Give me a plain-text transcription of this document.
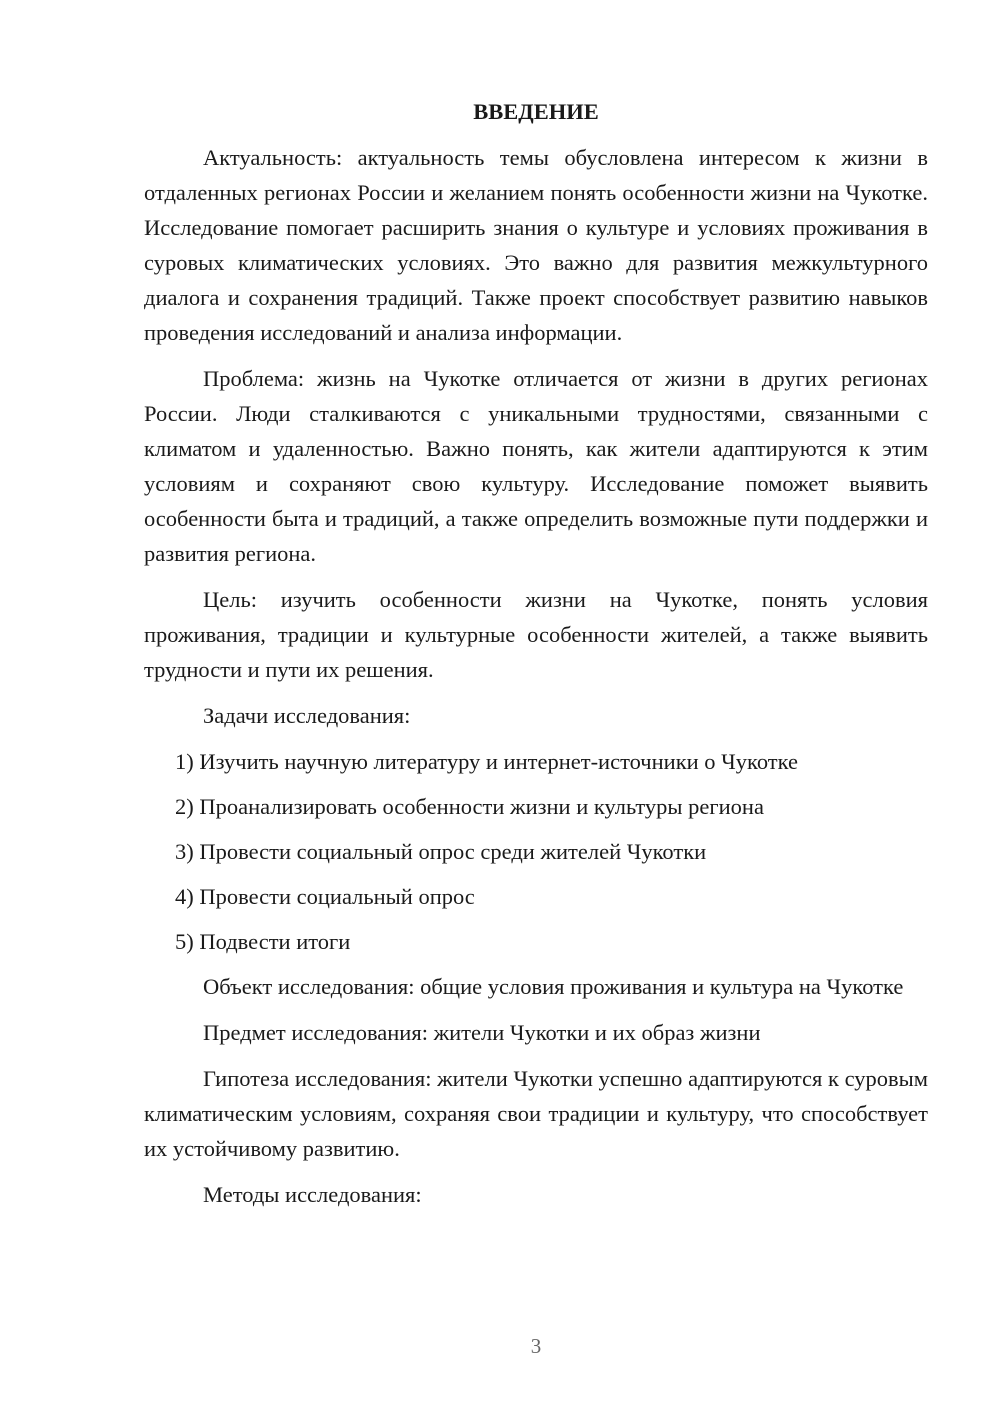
ВВЕДЕНИЕ

Актуальность: актуальность темы обусловлена интересом к жизни в отдаленных регионах России и желанием понять особенности жизни на Чукотке. Исследование помогает расширить знания о культуре и условиях проживания в суровых климатических условиях. Это важно для развития межкультурного диалога и сохранения традиций. Также проект способствует развитию навыков проведения исследований и анализа информации.

Проблема: жизнь на Чукотке отличается от жизни в других регионах России. Люди сталкиваются с уникальными трудностями, связанными с климатом и удаленностью. Важно понять, как жители адаптируются к этим условиям и сохраняют свою культуру. Исследование поможет выявить особенности быта и традиций, а также определить возможные пути поддержки и развития региона.

Цель: изучить особенности жизни на Чукотке, понять условия проживания, традиции и культурные особенности жителей, а также выявить трудности и пути их решения.

Задачи исследования:

1) Изучить научную литературу и интернет-источники о Чукотке
2) Проанализировать особенности жизни и культуры региона
3) Провести социальный опрос среди жителей Чукотки
4) Провести социальный опрос
5) Подвести итоги

Объект исследования: общие условия проживания и культура на Чукотке

Предмет исследования: жители Чукотки и их образ жизни

Гипотеза исследования: жители Чукотки успешно адаптируются к суровым климатическим условиям, сохраняя свои традиции и культуру, что способствует их устойчивому развитию.

Методы исследования:

3
